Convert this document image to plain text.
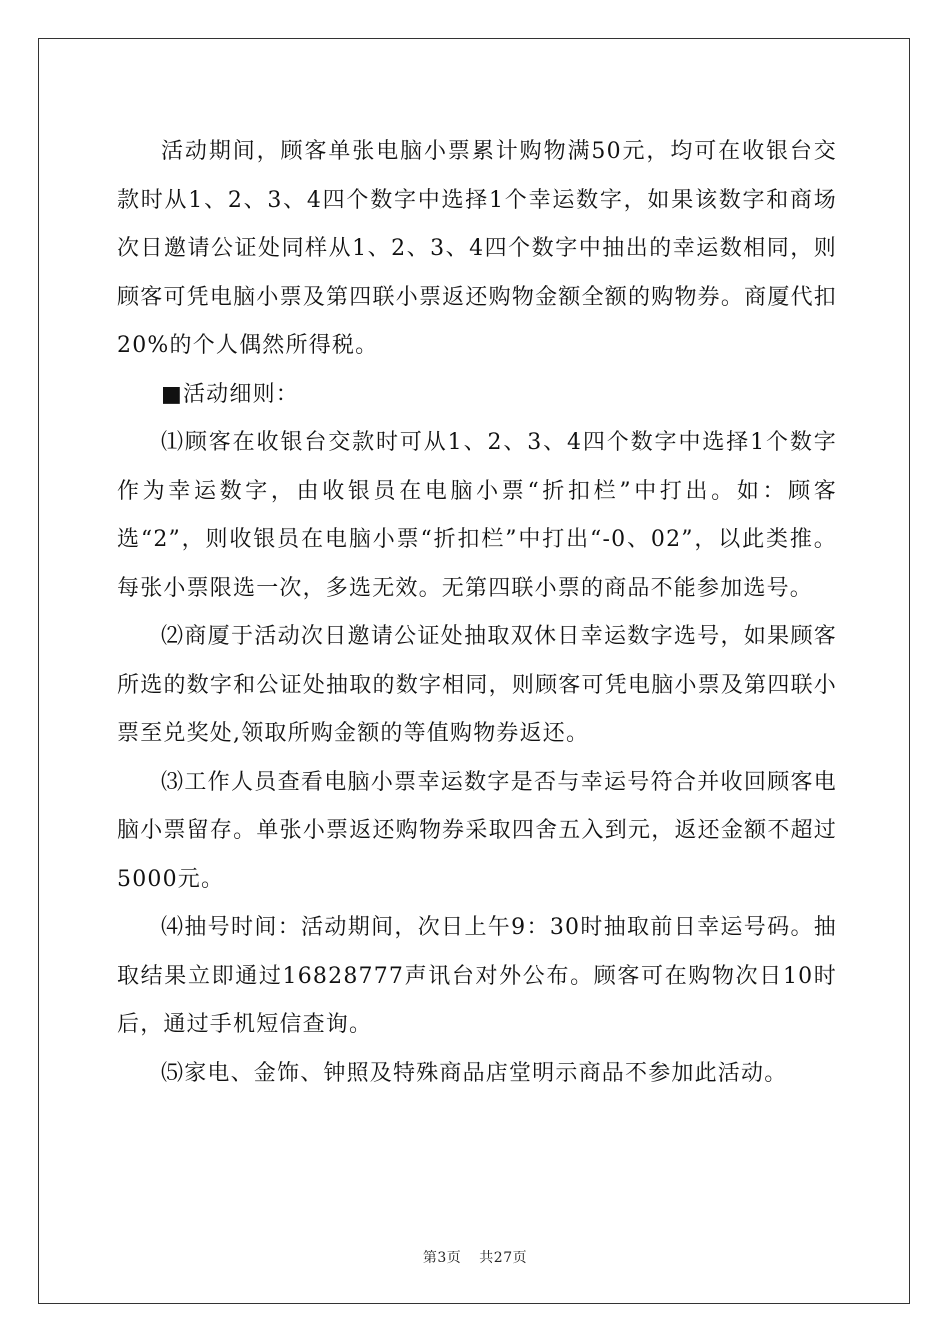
活动期间，顾客单张电脑小票累计购物满50元，均可在收银台交款时从1、2、3、4四个数字中选择1个幸运数字，如果该数字和商场次日邀请公证处同样从1、2、3、4四个数字中抽出的幸运数相同，则顾客可凭电脑小票及第四联小票返还购物金额全额的购物券。商厦代扣20%的个人偶然所得税。

■活动细则：

⑴顾客在收银台交款时可从1、2、3、4四个数字中选择1个数字作为幸运数字，由收银员在电脑小票“折扣栏”中打出。如：顾客选“2”，则收银员在电脑小票“折扣栏”中打出“-0、02”，以此类推。每张小票限选一次，多选无效。无第四联小票的商品不能参加选号。

⑵商厦于活动次日邀请公证处抽取双休日幸运数字选号，如果顾客所选的数字和公证处抽取的数字相同，则顾客可凭电脑小票及第四联小票至兑奖处,领取所购金额的等值购物券返还。

⑶工作人员查看电脑小票幸运数字是否与幸运号符合并收回顾客电脑小票留存。单张小票返还购物券采取四舍五入到元，返还金额不超过5000元。

⑷抽号时间：活动期间，次日上午9：30时抽取前日幸运号码。抽取结果立即通过16828777声讯台对外公布。顾客可在购物次日10时后，通过手机短信查询。

⑸家电、金饰、钟照及特殊商品店堂明示商品不参加此活动。

第3页 共27页
